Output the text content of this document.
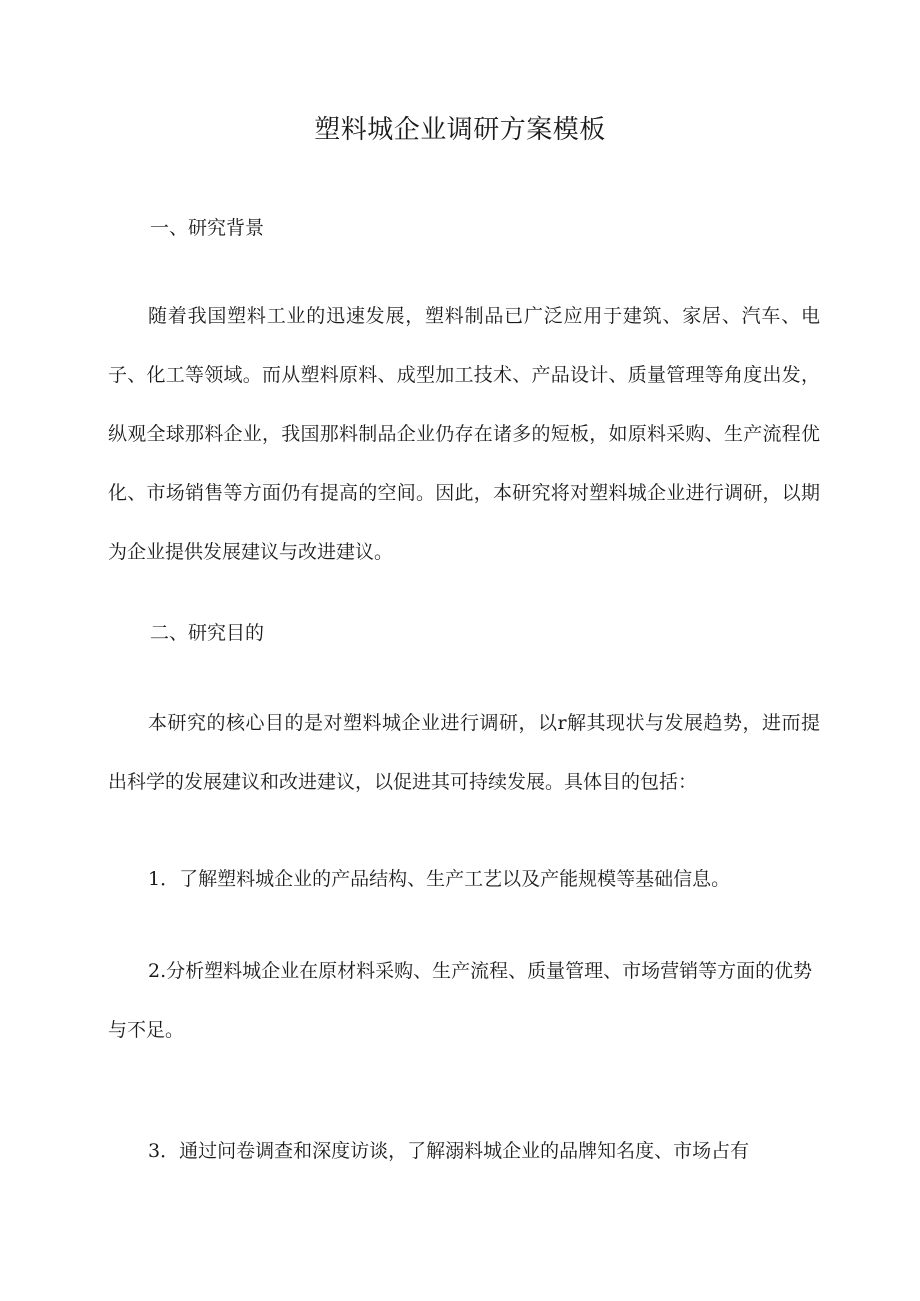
塑料城企业调研方案模板
一、研究背景

随着我国塑料工业的迅速发展，塑料制品已广泛应用于建筑、家居、汽车、电子、化工等领域。而从塑料原料、成型加工技术、产品设计、质量管理等角度出发，纵观全球那料企业，我国那料制品企业仍存在诸多的短板，如原料采购、生产流程优化、市场销售等方面仍有提高的空间。因此，本研究将对塑料城企业进行调研，以期为企业提供发展建议与改进建议。

二、研究目的

本研究的核心目的是对塑料城企业进行调研，以r解其现状与发展趋势，进而提出科学的发展建议和改进建议，以促进其可持续发展。具体目的包括：

1．了解塑料城企业的产品结构、生产工艺以及产能规模等基础信息。

2.分析塑料城企业在原材料采购、生产流程、质量管理、市场营销等方面的优势与不足。

3．通过问卷调查和深度访谈，了解溺料城企业的品牌知名度、市场占有
